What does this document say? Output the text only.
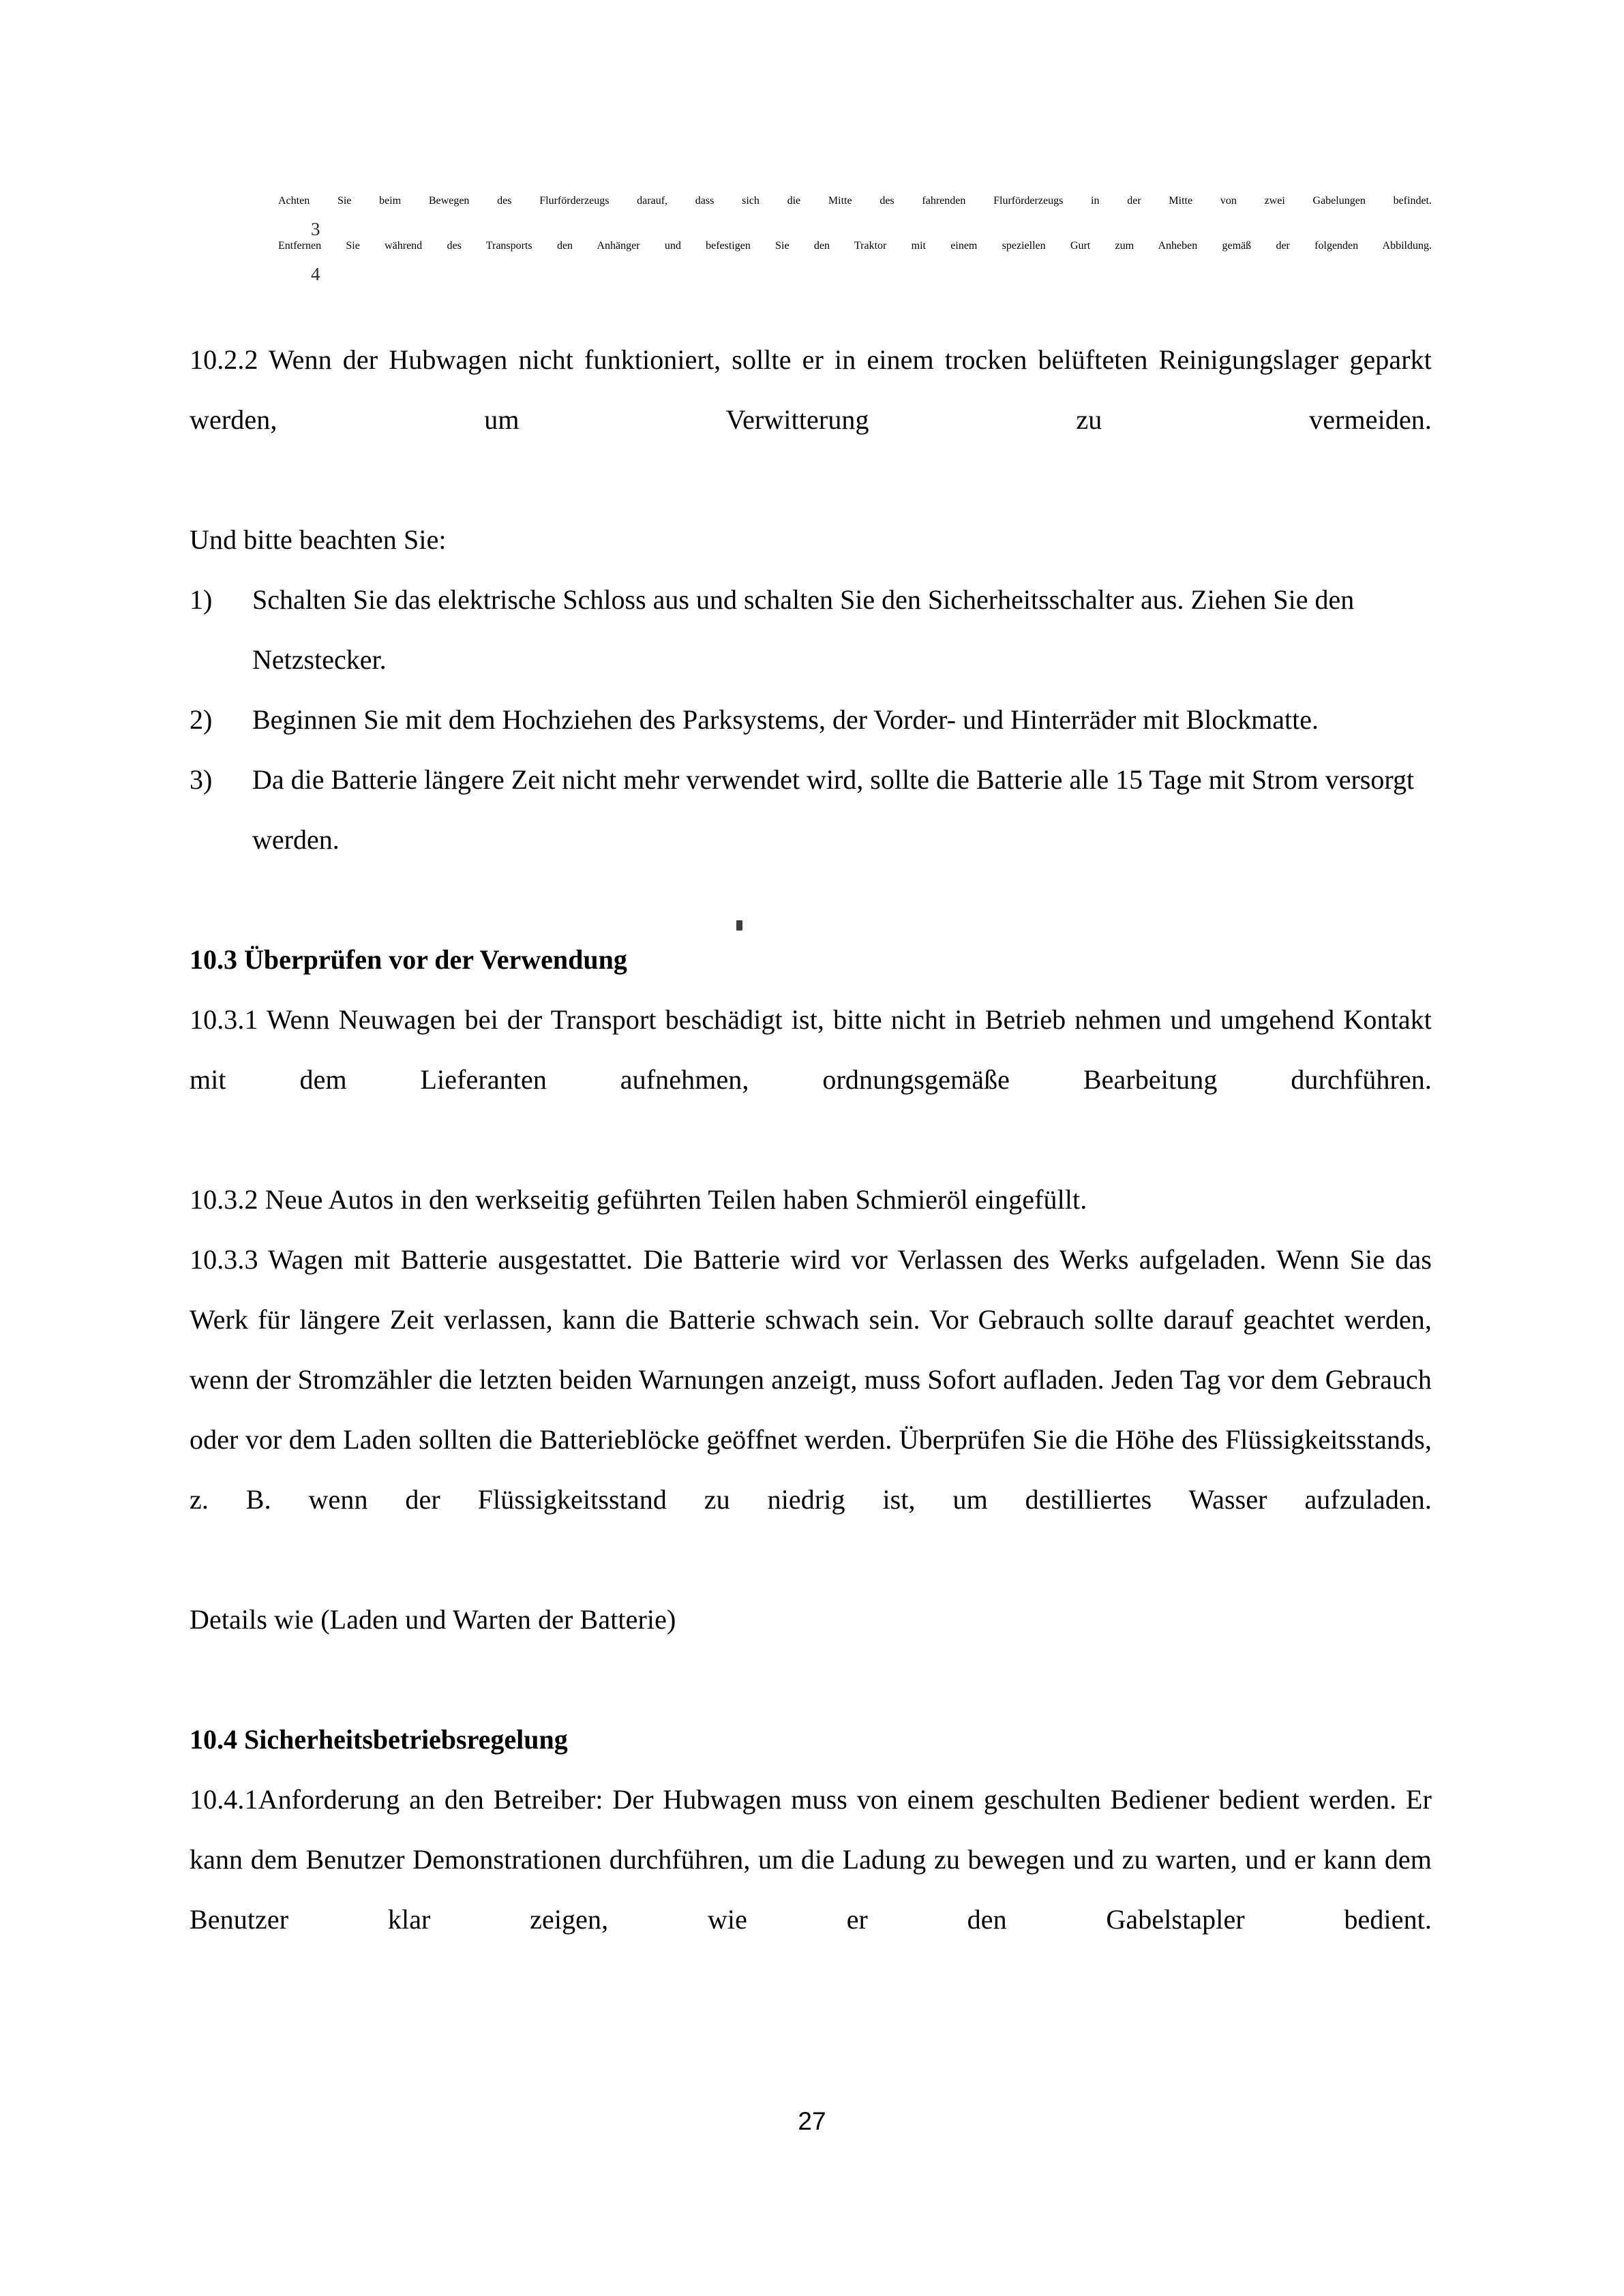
3
Achten Sie beim Bewegen des Flurförderzeugs darauf, dass sich die Mitte des fahrenden Flurförderzeugs in der Mitte von zwei Gabelungen befindet.
4
Entfernen Sie während des Transports den Anhänger und befestigen Sie den Traktor mit einem speziellen Gurt zum Anheben gemäß der folgenden Abbildung.

10.2.2 Wenn der Hubwagen nicht funktioniert, sollte er in einem trocken belüfteten Reinigungslager geparkt werden, um Verwitterung zu vermeiden.

Und bitte beachten Sie:

1) Schalten Sie das elektrische Schloss aus und schalten Sie den Sicherheitsschalter aus. Ziehen Sie den Netzstecker.
2) Beginnen Sie mit dem Hochziehen des Parksystems, der Vorder- und Hinterräder mit Blockmatte.
3) Da die Batterie längere Zeit nicht mehr verwendet wird, sollte die Batterie alle 15 Tage mit Strom versorgt werden.
10.3 Überprüfen vor der Verwendung

10.3.1 Wenn Neuwagen bei der Transport beschädigt ist, bitte nicht in Betrieb nehmen und umgehend Kontakt mit dem Lieferanten aufnehmen, ordnungsgemäße Bearbeitung durchführen.

10.3.2 Neue Autos in den werkseitig geführten Teilen haben Schmieröl eingefüllt.

10.3.3 Wagen mit Batterie ausgestattet. Die Batterie wird vor Verlassen des Werks aufgeladen. Wenn Sie das Werk für längere Zeit verlassen, kann die Batterie schwach sein. Vor Gebrauch sollte darauf geachtet werden, wenn der Stromzähler die letzten beiden Warnungen anzeigt, muss Sofort aufladen. Jeden Tag vor dem Gebrauch oder vor dem Laden sollten die Batterieblöcke geöffnet werden. Überprüfen Sie die Höhe des Flüssigkeitsstands, z. B. wenn der Flüssigkeitsstand zu niedrig ist, um destilliertes Wasser aufzuladen.

Details wie (Laden und Warten der Batterie)

10.4 Sicherheitsbetriebsregelung

10.4.1Anforderung an den Betreiber: Der Hubwagen muss von einem geschulten Bediener bedient werden. Er kann dem Benutzer Demonstrationen durchführen, um die Ladung zu bewegen und zu warten, und er kann dem Benutzer klar zeigen, wie er den Gabelstapler bedient.

27
